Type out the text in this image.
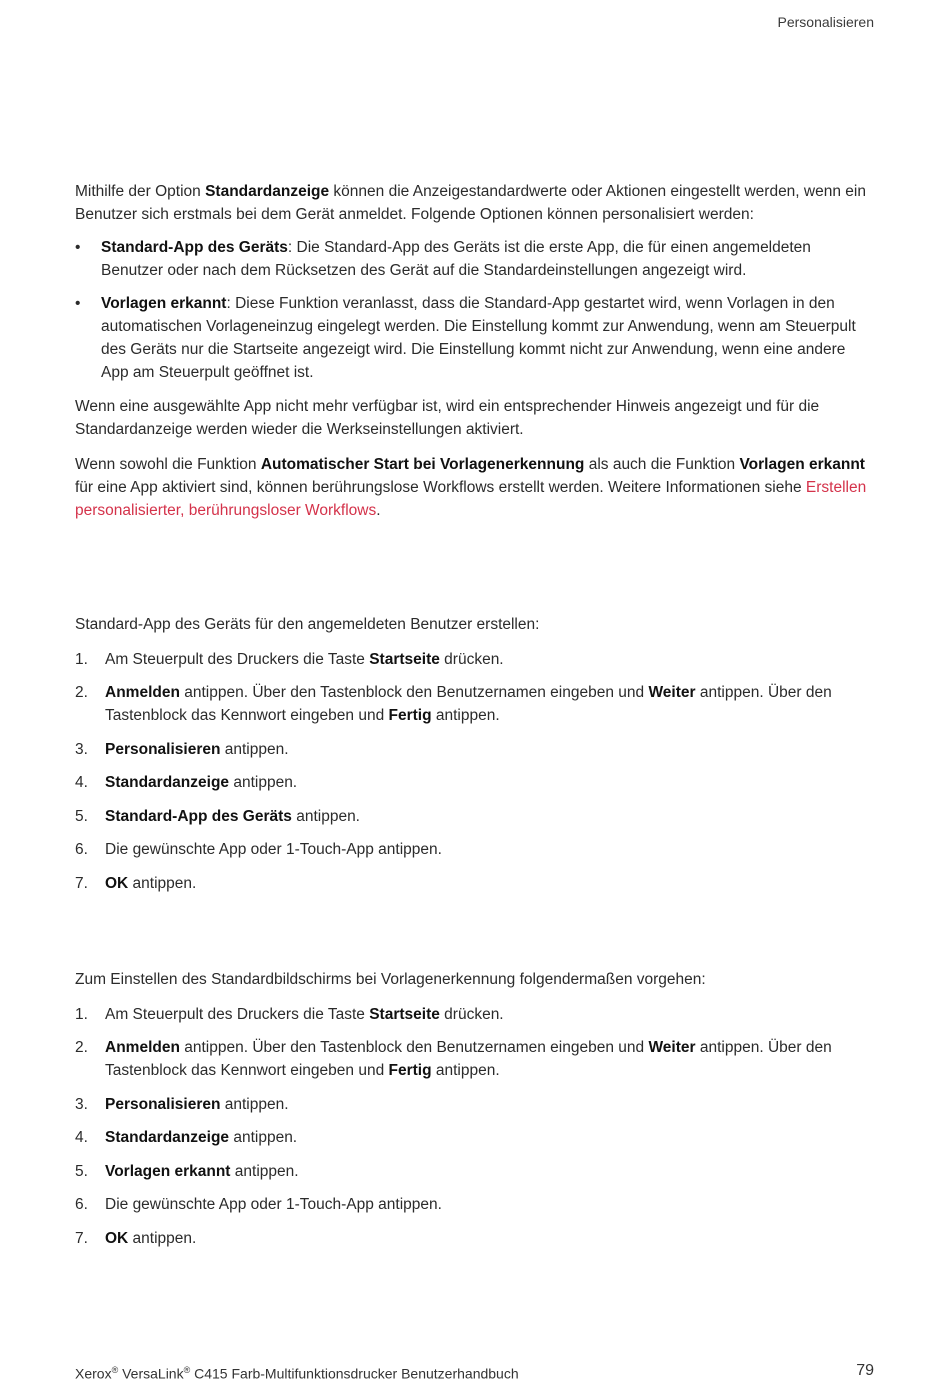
Personalisieren

Mithilfe der Option Standardanzeige können die Anzeigestandardwerte oder Aktionen eingestellt werden, wenn ein Benutzer sich erstmals bei dem Gerät anmeldet. Folgende Optionen können personalisiert werden:

• Standard-App des Geräts: Die Standard-App des Geräts ist die erste App, die für einen angemeldeten Benutzer oder nach dem Rücksetzen des Gerät auf die Standardeinstellungen angezeigt wird.
• Vorlagen erkannt: Diese Funktion veranlasst, dass die Standard-App gestartet wird, wenn Vorlagen in den automatischen Vorlageneinzug eingelegt werden. Die Einstellung kommt zur Anwendung, wenn am Steuerpult des Geräts nur die Startseite angezeigt wird. Die Einstellung kommt nicht zur Anwendung, wenn eine andere App am Steuerpult geöffnet ist.

Wenn eine ausgewählte App nicht mehr verfügbar ist, wird ein entsprechender Hinweis angezeigt und für die Standardanzeige werden wieder die Werkseinstellungen aktiviert.

Wenn sowohl die Funktion Automatischer Start bei Vorlagenerkennung als auch die Funktion Vorlagen erkannt für eine App aktiviert sind, können berührungslose Workflows erstellt werden. Weitere Informationen siehe Erstellen personalisierter, berührungsloser Workflows.

Standard-App des Geräts für den angemeldeten Benutzer erstellen:

1. Am Steuerpult des Druckers die Taste Startseite drücken.
2. Anmelden antippen. Über den Tastenblock den Benutzernamen eingeben und Weiter antippen. Über den Tastenblock das Kennwort eingeben und Fertig antippen.
3. Personalisieren antippen.
4. Standardanzeige antippen.
5. Standard-App des Geräts antippen.
6. Die gewünschte App oder 1-Touch-App antippen.
7. OK antippen.

Zum Einstellen des Standardbildschirms bei Vorlagenerkennung folgendermaßen vorgehen:

1. Am Steuerpult des Druckers die Taste Startseite drücken.
2. Anmelden antippen. Über den Tastenblock den Benutzernamen eingeben und Weiter antippen. Über den Tastenblock das Kennwort eingeben und Fertig antippen.
3. Personalisieren antippen.
4. Standardanzeige antippen.
5. Vorlagen erkannt antippen.
6. Die gewünschte App oder 1-Touch-App antippen.
7. OK antippen.
Xerox® VersaLink® C415 Farb-Multifunktionsdrucker Benutzerhandbuch	79
